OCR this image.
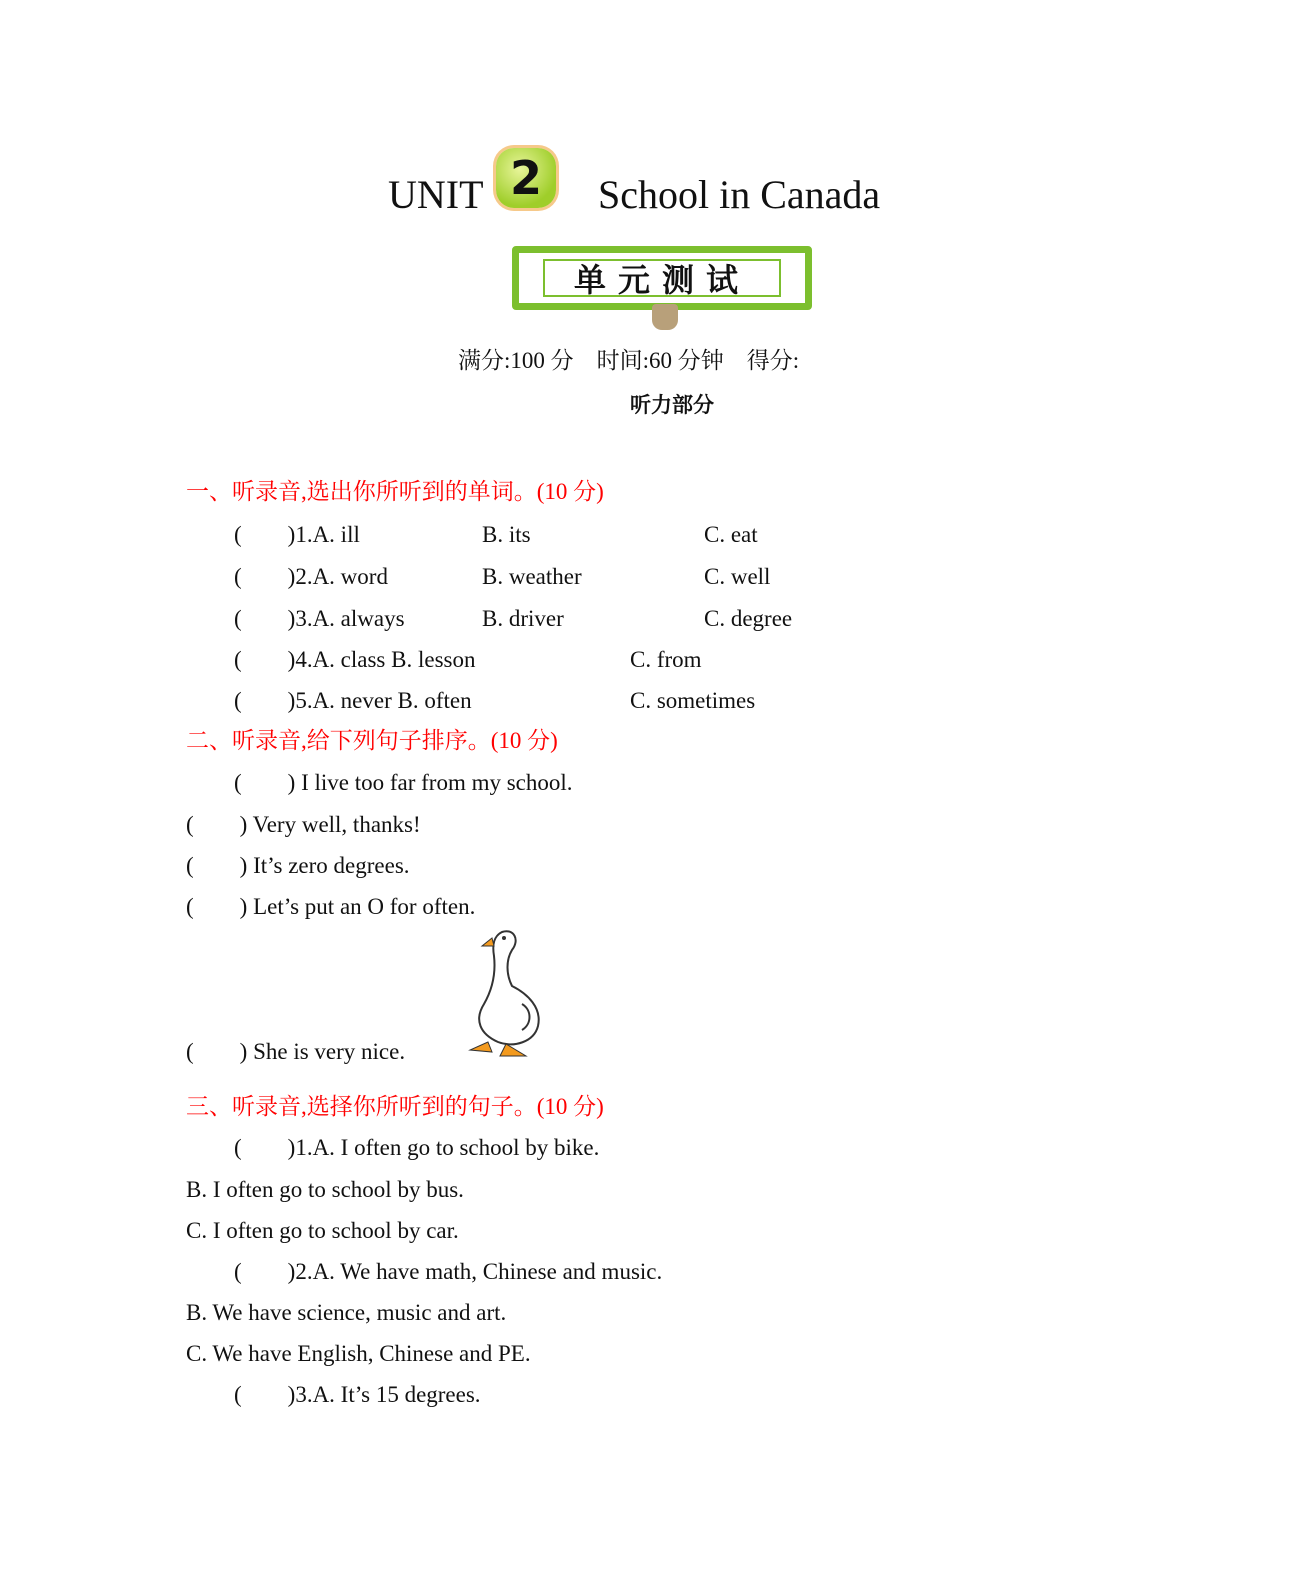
UNIT 2	School in Canada
单元测试
满分:100 分　时间:60 分钟　得分:
听力部分
一、听录音,选出你所听到的单词。(10 分)
(　　)1.A. ill	B. its	C. eat
(　　)2.A. word	B. weather	C. well
(　　)3.A. always	B. driver	C. degree
(　　)4.A. class B. lesson	C. from
(　　)5.A. never B. often	C. sometimes
二、听录音,给下列句子排序。(10 分)
(　　) I live too far from my school.
(　　) Very well, thanks!
(　　) It’s zero degrees.
(　　) Let’s put an O for often.
(　　) She is very nice.
三、听录音,选择你所听到的句子。(10 分)
(　　)1.A. I often go to school by bike.
B. I often go to school by bus.
C. I often go to school by car.
(　　)2.A. We have math, Chinese and music.
B. We have science, music and art.
C. We have English, Chinese and PE.
(　　)3.A. It’s 15 degrees.
